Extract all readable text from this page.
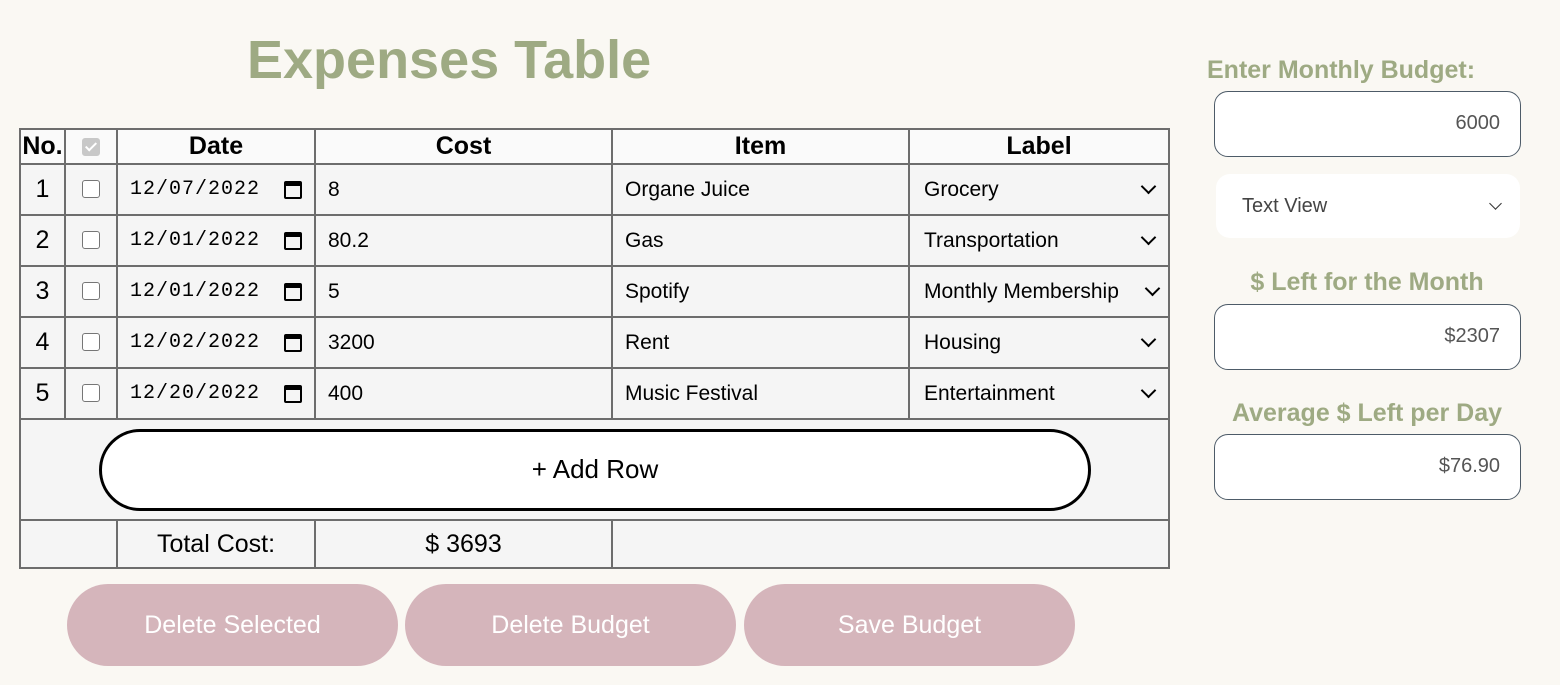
Expenses Table
No.		Date	Cost	Item	Label
1		12/07/2022	8	Organe Juice	Grocery

2		12/01/2022	80.2	Gas	Transportation

3		12/01/2022	5	Spotify	Monthly Membership

4		12/02/2022	3200	Rent	Housing

5		12/20/2022	400	Music Festival	Entertainment

+ Add Row					

		Total Cost:	$ 3693		
Delete Selected	Delete Budget	Save Budget
Enter Monthly Budget:
6000
Text View
$ Left for the Month
$2307
Average $ Left per Day
$76.90
